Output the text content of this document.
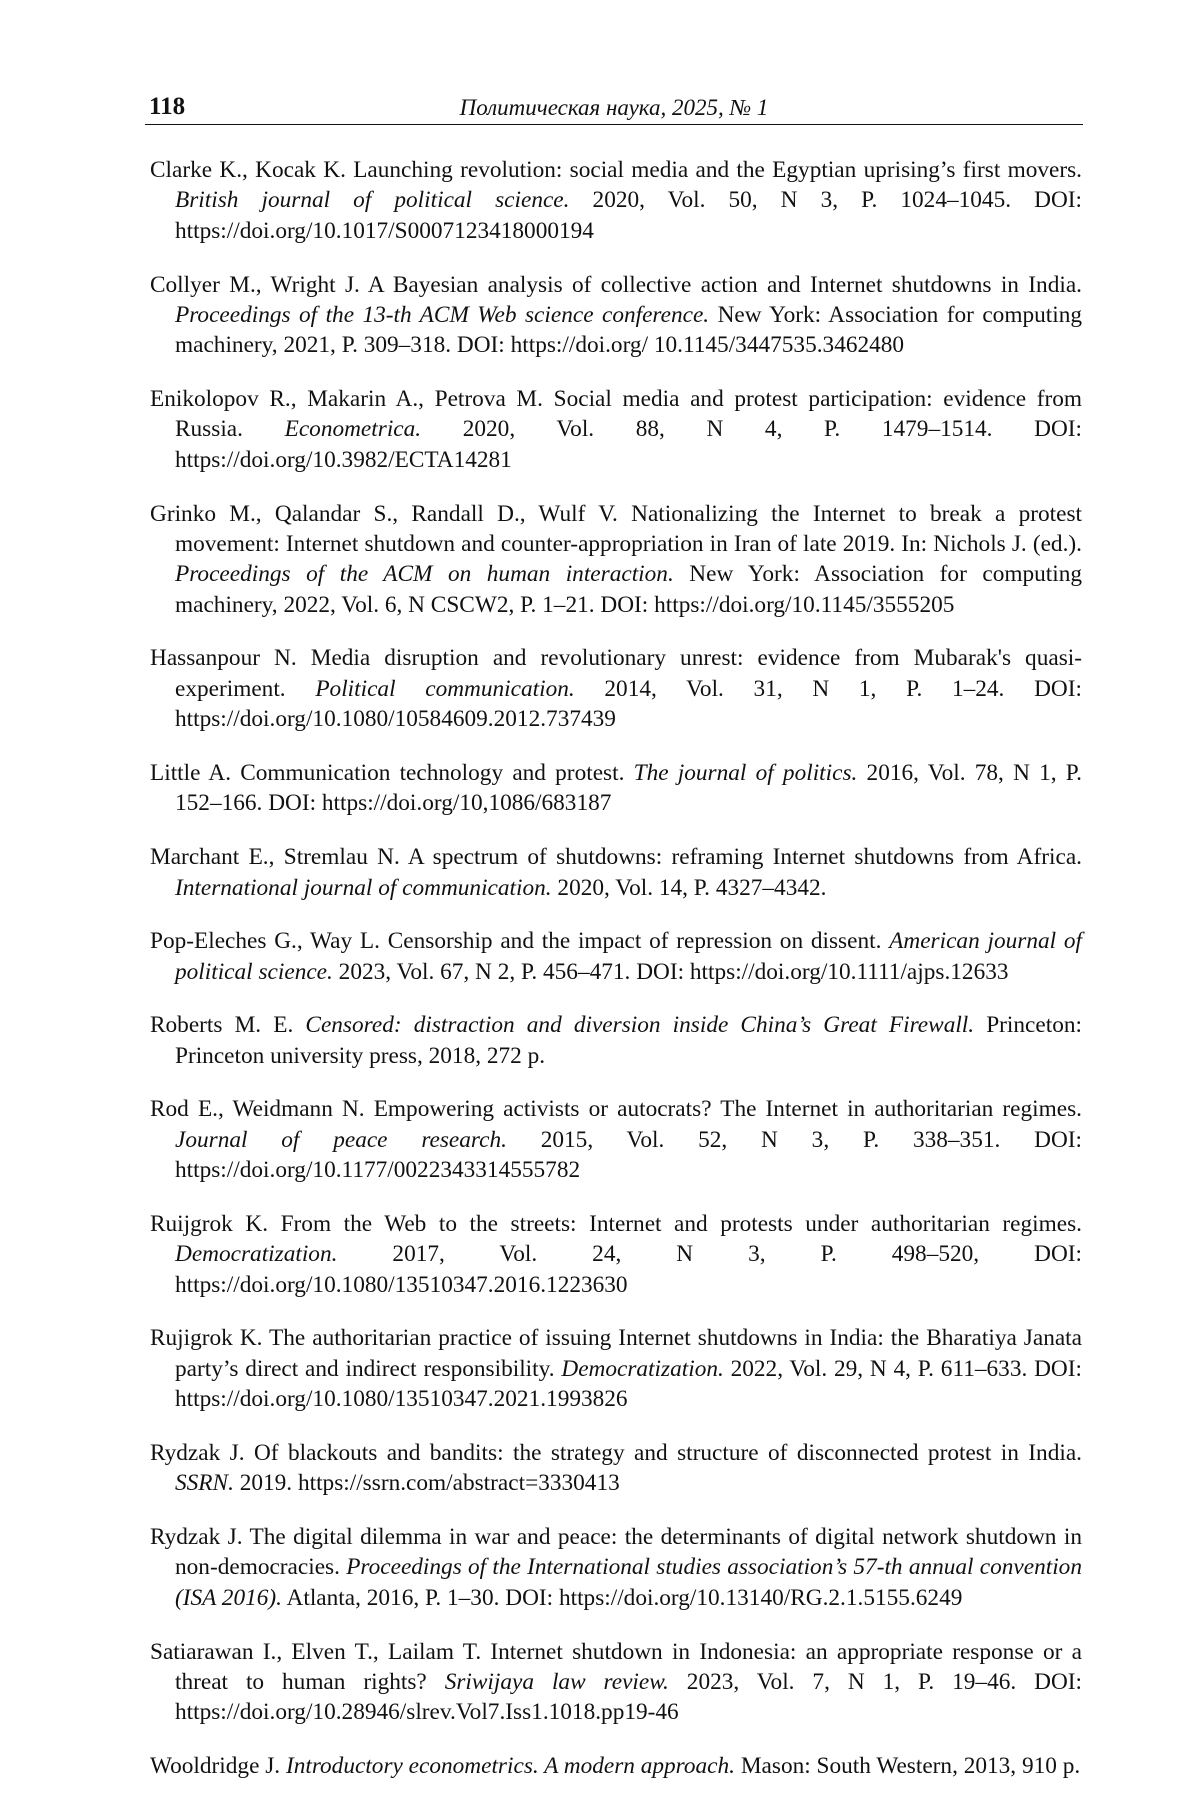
118	Политическая наука, 2025, № 1

Clarke K., Kocak K. Launching revolution: social media and the Egyptian uprising’s first movers. British journal of political science. 2020, Vol. 50, N 3, P. 1024–1045. DOI: https://doi.org/10.1017/S0007123418000194

Collyer M., Wright J. A Bayesian analysis of collective action and Internet shutdowns in India. Proceedings of the 13-th ACM Web science conference. New York: Association for computing machinery, 2021, P. 309–318. DOI: https://doi.org/ 10.1145/3447535.3462480

Enikolopov R., Makarin A., Petrova M. Social media and protest participation: evidence from Russia. Econometrica. 2020, Vol. 88, N 4, P. 1479–1514. DOI: https://doi.org/10.3982/ECTA14281

Grinko M., Qalandar S., Randall D., Wulf V. Nationalizing the Internet to break a protest movement: Internet shutdown and counter-appropriation in Iran of late 2019. In: Nichols J. (ed.). Proceedings of the ACM on human interaction. New York: Association for computing machinery, 2022, Vol. 6, N CSCW2, P. 1–21. DOI: https://doi.org/10.1145/3555205

Hassanpour N. Media disruption and revolutionary unrest: evidence from Mubarak's quasi-experiment. Political communication. 2014, Vol. 31, N 1, P. 1–24. DOI: https://doi.org/10.1080/10584609.2012.737439

Little A. Communication technology and protest. The journal of politics. 2016, Vol. 78, N 1, P. 152–166. DOI: https://doi.org/10,1086/683187

Marchant E., Stremlau N. A spectrum of shutdowns: reframing Internet shutdowns from Africa. International journal of communication. 2020, Vol. 14, P. 4327–4342.

Pop-Eleches G., Way L. Censorship and the impact of repression on dissent. American journal of political science. 2023, Vol. 67, N 2, P. 456–471. DOI: https://doi.org/10.1111/ajps.12633

Roberts M. E. Censored: distraction and diversion inside China’s Great Firewall. Princeton: Princeton university press, 2018, 272 p.

Rod E., Weidmann N. Empowering activists or autocrats? The Internet in authoritarian regimes. Journal of peace research. 2015, Vol. 52, N 3, P. 338–351. DOI: https://doi.org/10.1177/0022343314555782

Ruijgrok K. From the Web to the streets: Internet and protests under authoritarian regimes. Democratization. 2017, Vol. 24, N 3, P. 498–520, DOI: https://doi.org/10.1080/13510347.2016.1223630

Rujigrok K. The authoritarian practice of issuing Internet shutdowns in India: the Bharatiya Janata party’s direct and indirect responsibility. Democratization. 2022, Vol. 29, N 4, P. 611–633. DOI: https://doi.org/10.1080/13510347.2021.1993826

Rydzak J. Of blackouts and bandits: the strategy and structure of disconnected protest in India. SSRN. 2019. https://ssrn.com/abstract=3330413

Rydzak J. The digital dilemma in war and peace: the determinants of digital network shutdown in non-democracies. Proceedings of the International studies association’s 57-th annual convention (ISA 2016). Atlanta, 2016, P. 1–30. DOI: https://doi.org/10.13140/RG.2.1.5155.6249

Satiarawan I., Elven T., Lailam T. Internet shutdown in Indonesia: an appropriate response or a threat to human rights? Sriwijaya law review. 2023, Vol. 7, N 1, P. 19–46. DOI: https://doi.org/10.28946/slrev.Vol7.Iss1.1018.pp19-46

Wooldridge J. Introductory econometrics. A modern approach. Mason: South Western, 2013, 910 p.
